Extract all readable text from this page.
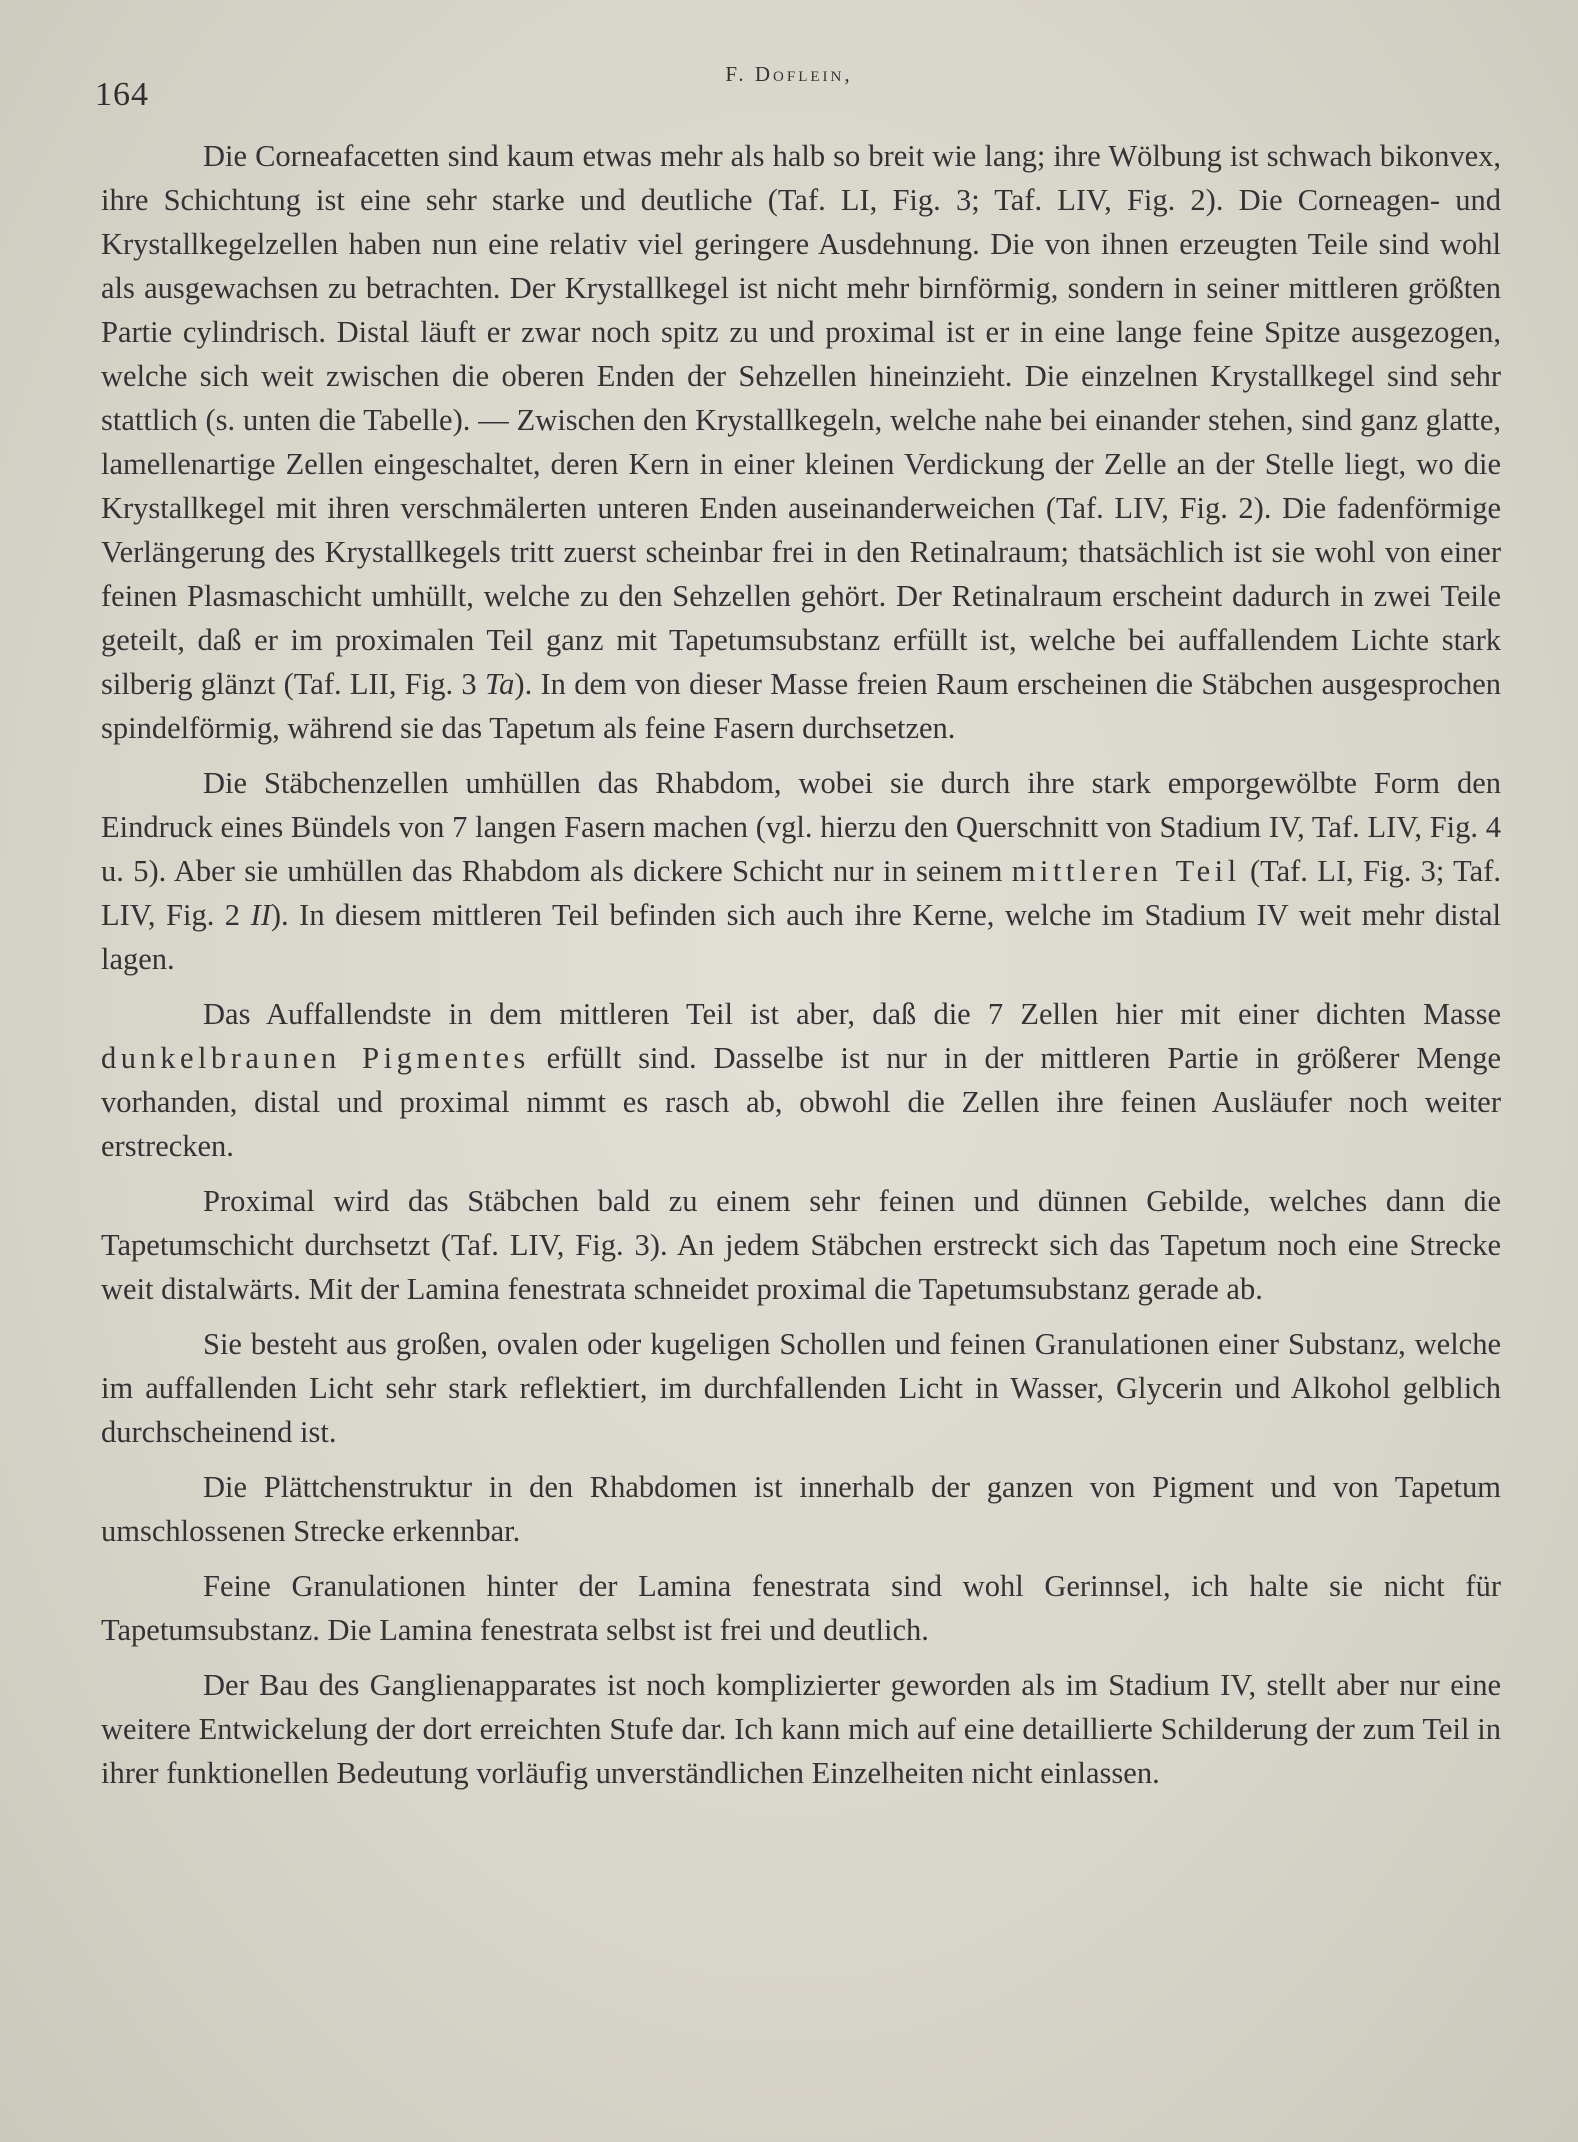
164
F. Doflein,

Die Corneafacetten sind kaum etwas mehr als halb so breit wie lang; ihre Wölbung ist schwach bikonvex, ihre Schichtung ist eine sehr starke und deutliche (Taf. LI, Fig. 3; Taf. LIV, Fig. 2). Die Corneagen- und Krystallkegelzellen haben nun eine relativ viel geringere Ausdehnung. Die von ihnen erzeugten Teile sind wohl als ausgewachsen zu betrachten. Der Krystallkegel ist nicht mehr birnförmig, sondern in seiner mittleren größten Partie cylindrisch. Distal läuft er zwar noch spitz zu und proximal ist er in eine lange feine Spitze ausgezogen, welche sich weit zwischen die oberen Enden der Sehzellen hineinzieht. Die einzelnen Krystallkegel sind sehr stattlich (s. unten die Tabelle). — Zwischen den Krystallkegeln, welche nahe bei einander stehen, sind ganz glatte, lamellenartige Zellen eingeschaltet, deren Kern in einer kleinen Verdickung der Zelle an der Stelle liegt, wo die Krystallkegel mit ihren verschmälerten unteren Enden auseinanderweichen (Taf. LIV, Fig. 2). Die fadenförmige Verlängerung des Krystallkegels tritt zuerst scheinbar frei in den Retinalraum; thatsächlich ist sie wohl von einer feinen Plasmaschicht umhüllt, welche zu den Sehzellen gehört. Der Retinalraum erscheint dadurch in zwei Teile geteilt, daß er im proximalen Teil ganz mit Tapetumsubstanz erfüllt ist, welche bei auffallendem Lichte stark silberig glänzt (Taf. LII, Fig. 3 Ta). In dem von dieser Masse freien Raum erscheinen die Stäbchen ausgesprochen spindelförmig, während sie das Tapetum als feine Fasern durchsetzen.

Die Stäbchenzellen umhüllen das Rhabdom, wobei sie durch ihre stark emporgewölbte Form den Eindruck eines Bündels von 7 langen Fasern machen (vgl. hierzu den Querschnitt von Stadium IV, Taf. LIV, Fig. 4 u. 5). Aber sie umhüllen das Rhabdom als dickere Schicht nur in seinem mittleren Teil (Taf. LI, Fig. 3; Taf. LIV, Fig. 2 II). In diesem mittleren Teil befinden sich auch ihre Kerne, welche im Stadium IV weit mehr distal lagen.

Das Auffallendste in dem mittleren Teil ist aber, daß die 7 Zellen hier mit einer dichten Masse dunkelbraunen Pigmentes erfüllt sind. Dasselbe ist nur in der mittleren Partie in größerer Menge vorhanden, distal und proximal nimmt es rasch ab, obwohl die Zellen ihre feinen Ausläufer noch weiter erstrecken.

Proximal wird das Stäbchen bald zu einem sehr feinen und dünnen Gebilde, welches dann die Tapetumschicht durchsetzt (Taf. LIV, Fig. 3). An jedem Stäbchen erstreckt sich das Tapetum noch eine Strecke weit distalwärts. Mit der Lamina fenestrata schneidet proximal die Tapetumsubstanz gerade ab.

Sie besteht aus großen, ovalen oder kugeligen Schollen und feinen Granulationen einer Substanz, welche im auffallenden Licht sehr stark reflektiert, im durchfallenden Licht in Wasser, Glycerin und Alkohol gelblich durchscheinend ist.

Die Plättchenstruktur in den Rhabdomen ist innerhalb der ganzen von Pigment und von Tapetum umschlossenen Strecke erkennbar.

Feine Granulationen hinter der Lamina fenestrata sind wohl Gerinnsel, ich halte sie nicht für Tapetumsubstanz. Die Lamina fenestrata selbst ist frei und deutlich.

Der Bau des Ganglienapparates ist noch komplizierter geworden als im Stadium IV, stellt aber nur eine weitere Entwickelung der dort erreichten Stufe dar. Ich kann mich auf eine detaillierte Schilderung der zum Teil in ihrer funktionellen Bedeutung vorläufig unverständlichen Einzelheiten nicht einlassen.
